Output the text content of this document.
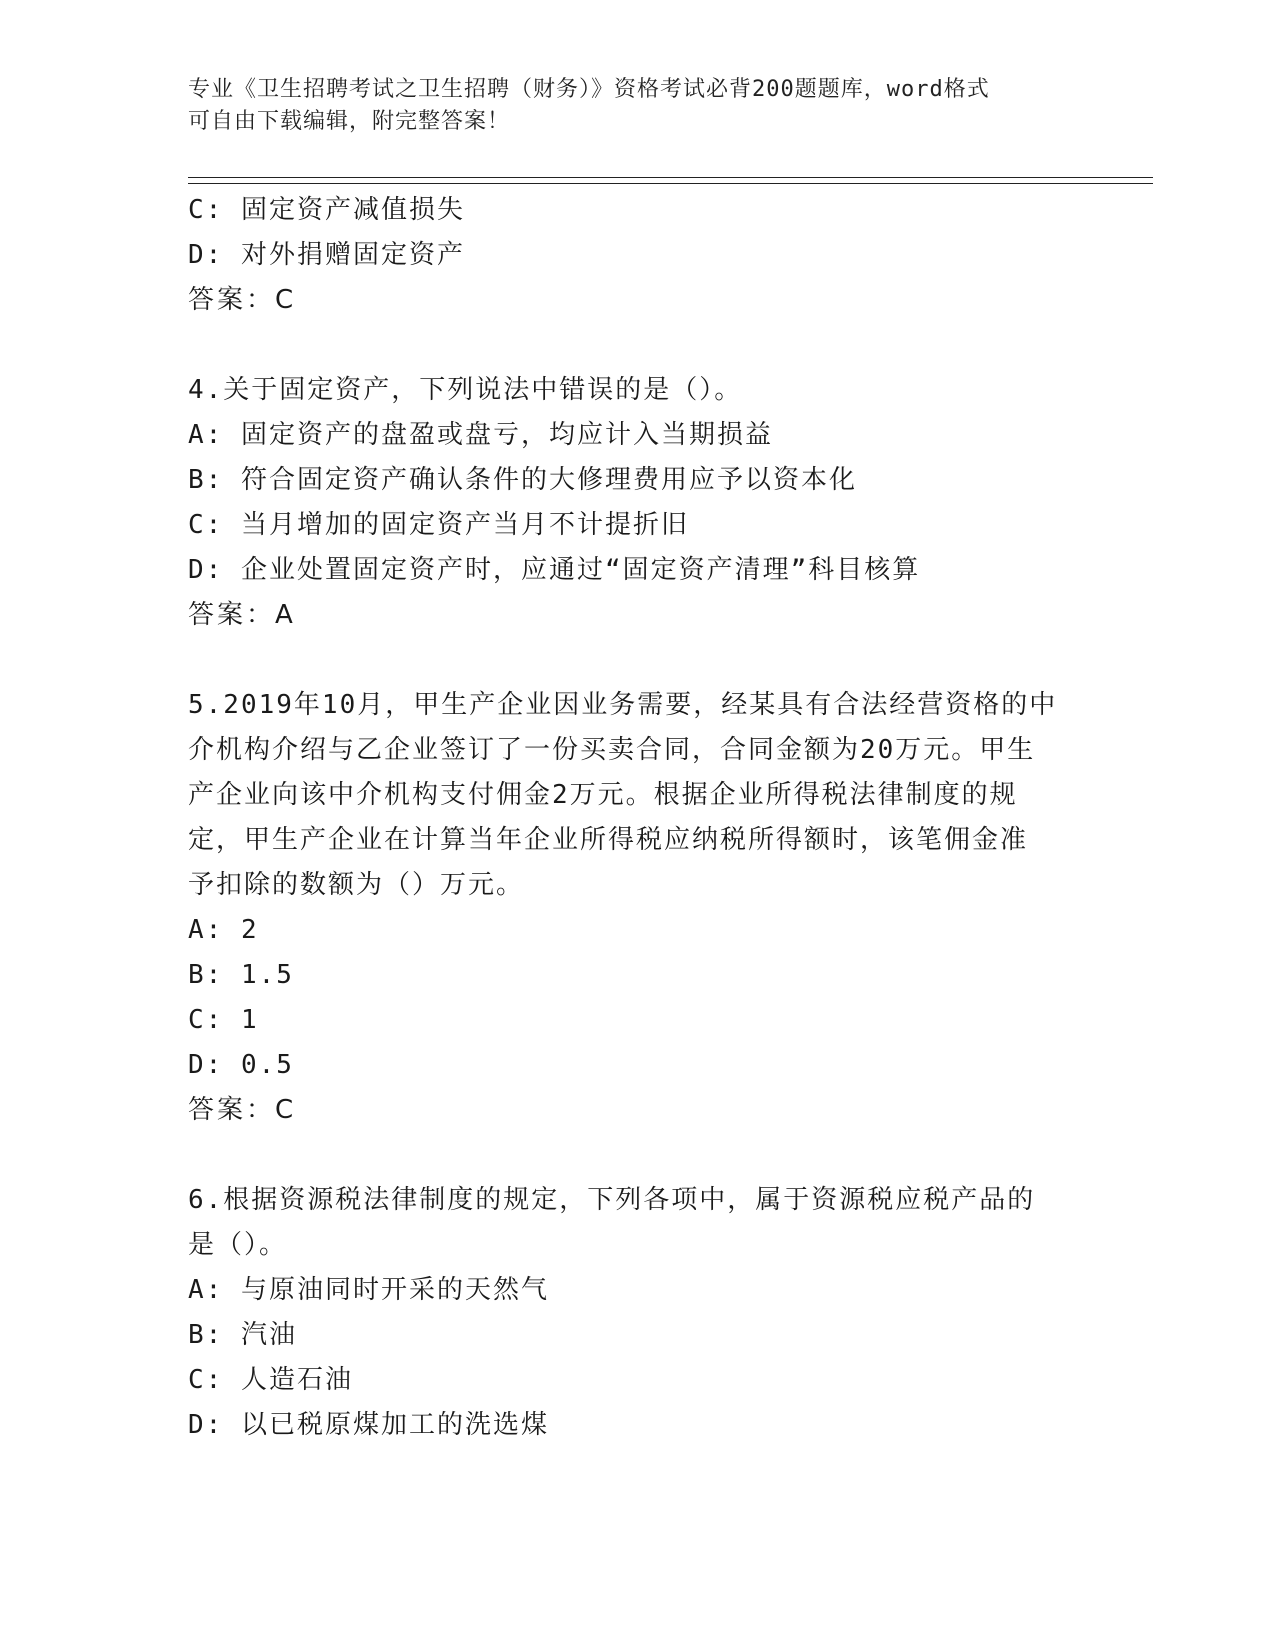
专业《卫生招聘考试之卫生招聘（财务）》资格考试必背200题题库，word格式
可自由下载编辑，附完整答案！
C: 固定资产减值损失
D: 对外捐赠固定资产
答案：C
4.关于固定资产，下列说法中错误的是（）。
A: 固定资产的盘盈或盘亏，均应计入当期损益
B: 符合固定资产确认条件的大修理费用应予以资本化
C: 当月增加的固定资产当月不计提折旧
D: 企业处置固定资产时，应通过“固定资产清理”科目核算
答案：A
5.2019年10月，甲生产企业因业务需要，经某具有合法经营资格的中
介机构介绍与乙企业签订了一份买卖合同，合同金额为20万元。甲生
产企业向该中介机构支付佣金2万元。根据企业所得税法律制度的规
定，甲生产企业在计算当年企业所得税应纳税所得额时，该笔佣金准
予扣除的数额为（）万元。
A: 2
B: 1.5
C: 1
D: 0.5
答案：C
6.根据资源税法律制度的规定，下列各项中，属于资源税应税产品的
是（）。
A: 与原油同时开采的天然气
B: 汽油
C: 人造石油
D: 以已税原煤加工的洗选煤
